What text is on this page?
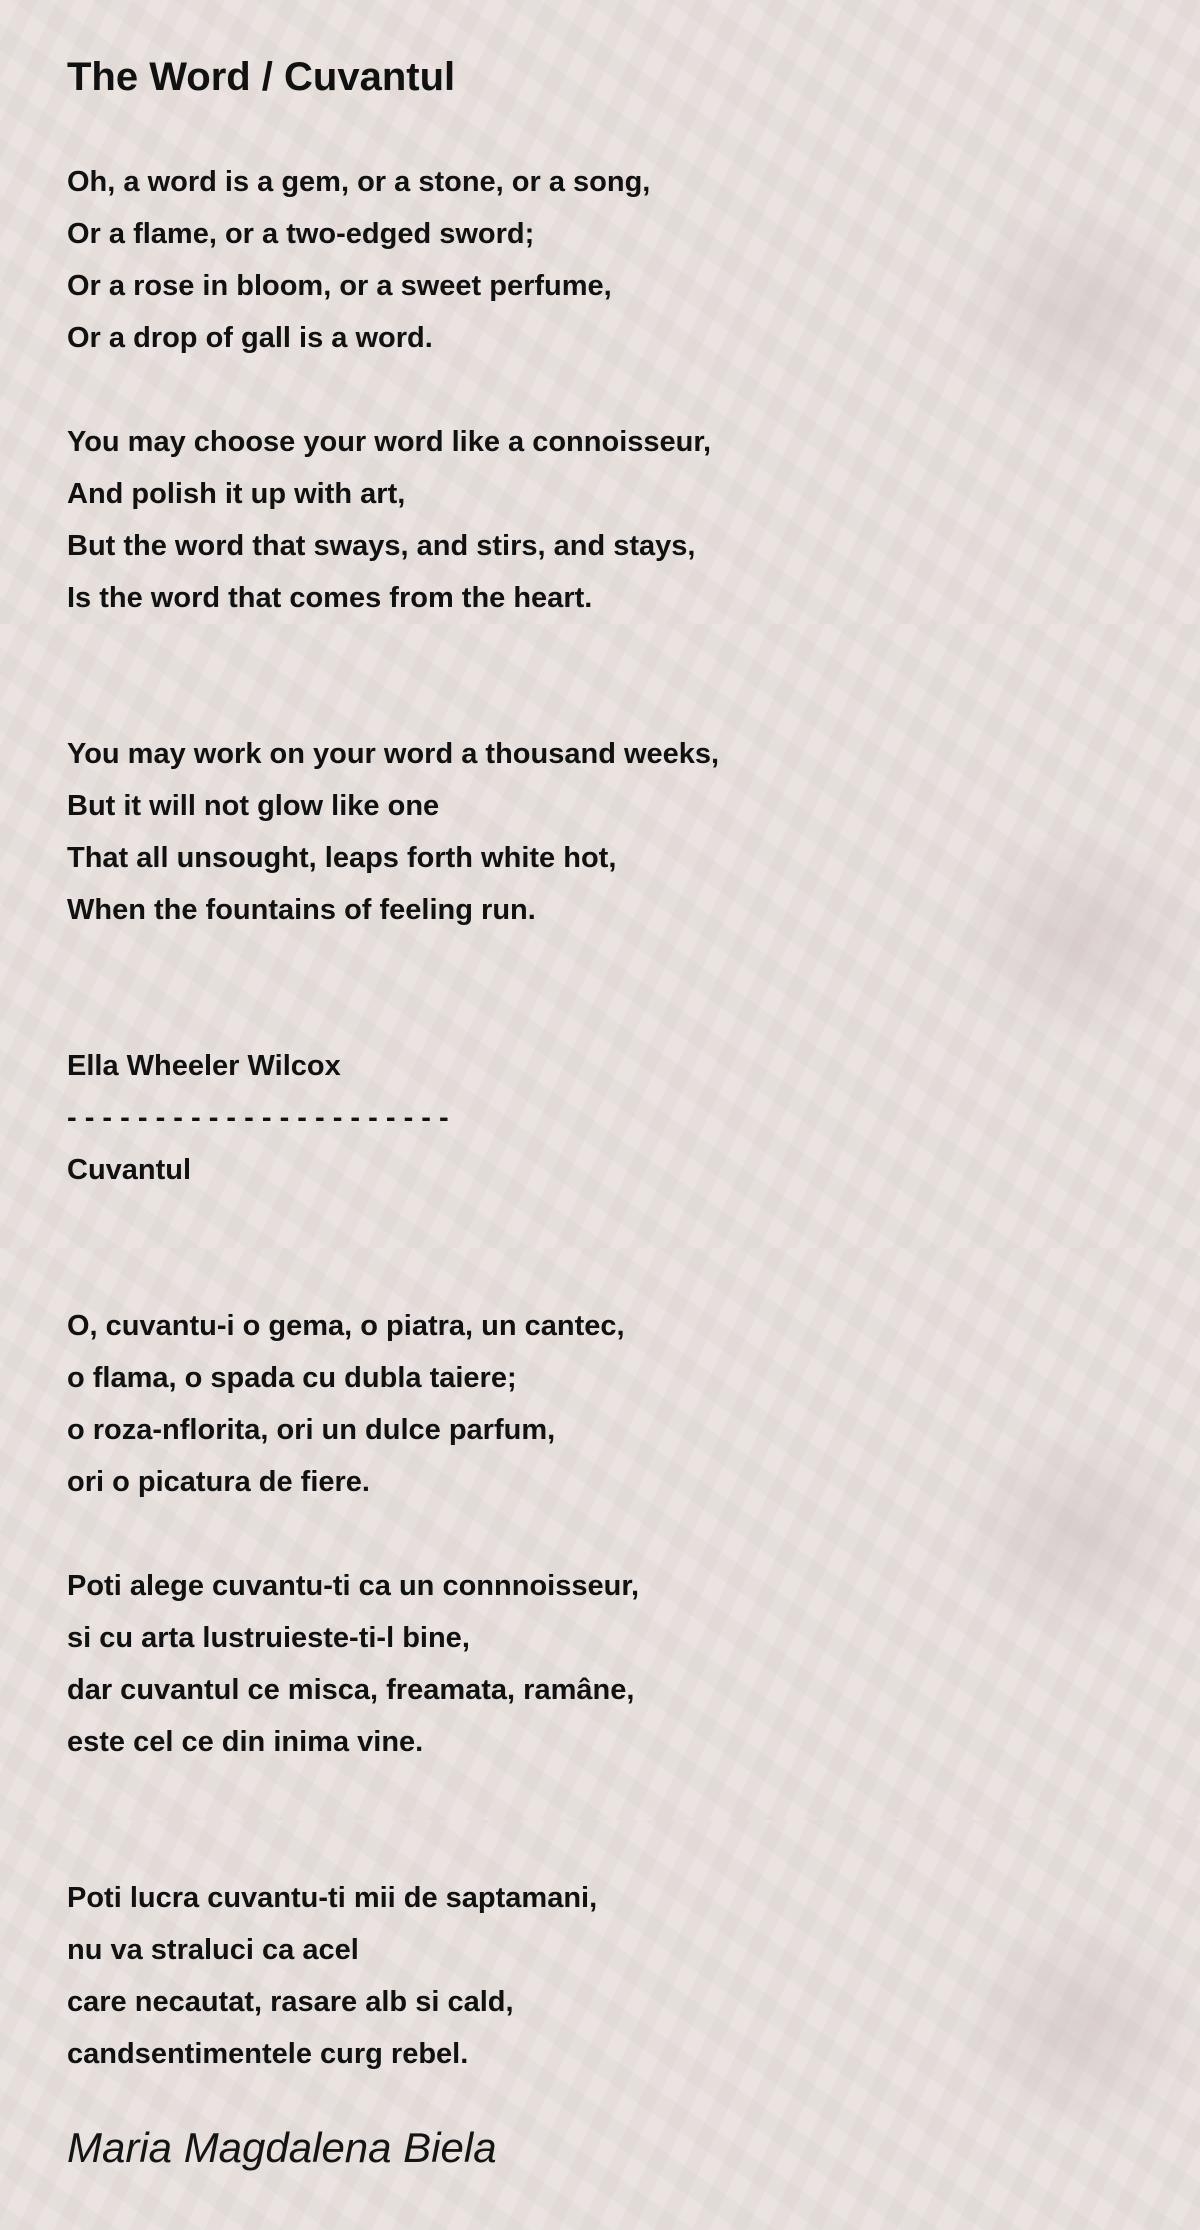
The Word / Cuvantul
Oh, a word is a gem, or a stone, or a song,
Or a flame, or a two-edged sword;
Or a rose in bloom, or a sweet perfume,
Or a drop of gall is a word.
You may choose your word like a connoisseur,
And polish it up with art,
But the word that sways, and stirs, and stays,
Is the word that comes from the heart.
You may work on your word a thousand weeks,
But it will not glow like one
That all unsought, leaps forth white hot,
When the fountains of feeling run.
Ella Wheeler Wilcox
- - - - - - - - - - - - - - - - - - - - - -
Cuvantul
O, cuvantu-i o gema, o piatra, un cantec,
o flama, o spada cu dubla taiere;
o roza-nflorita, ori un dulce parfum,
ori o picatura de fiere.
Poti alege cuvantu-ti ca un connnoisseur,
si cu arta lustruieste-ti-l bine,
dar cuvantul ce misca, freamata, ramâne,
este cel ce din inima vine.
Poti lucra cuvantu-ti mii de saptamani,
nu va straluci ca acel
care necautat, rasare alb si cald,
candsentimentele curg rebel.
Maria Magdalena Biela
